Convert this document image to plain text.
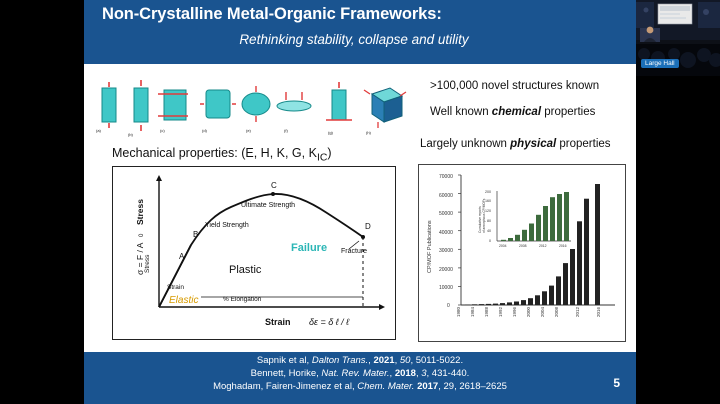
Non-Crystalline Metal-Organic Frameworks:
Rethinking stability, collapse and utility
(a)
(b)
(c)	(d)	(e)	(f)	(g)	(h)
Mechanical properties: (E, H, K, G, $K_{IC}$)
A
B
C
D
Ultimate Strength
Yield Strength
Fracture
Plastic
Failure
Elastic
Strain
Stress
% Elongation
σ = F / A
0
Stress
Strain δε = δ ℓ / ℓ
>100,000 novel structures known
Well known chemical properties
Largely unknown physical properties
0
10000
20000
30000
40000
50000
60000
70000
CP/MOF Publications
1980 1984 1988 1992 1996 2000 2004 2008	2012	2016
0
40
80
120
160
200
Cumulative reports of amorphous CP/MOFs
2004	2008	2012	2016
Sapnik et al, Dalton Trans., 2021, 50, 5011-5022.
Bennett, Horike, Nat. Rev. Mater., 2018, 3, 431-440.
Moghadam, Fairen-Jimenez et al, Chem. Mater. 2017, 29, 2618–2625	5
Large Hall
